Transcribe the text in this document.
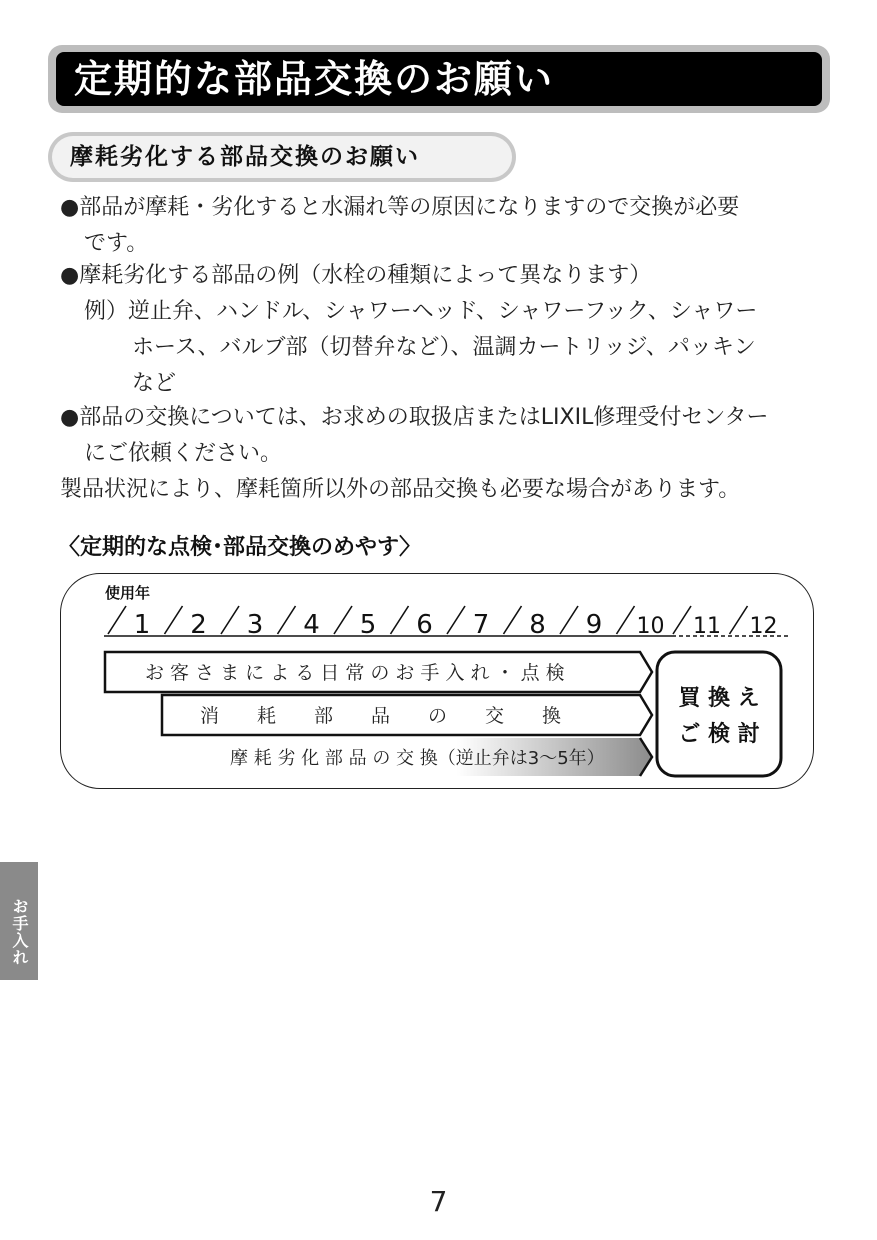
定期的な部品交換のお願い
摩耗劣化する部品交換のお願い

●部品が摩耗・劣化すると水漏れ等の原因になりますので交換が必要

です。

●摩耗劣化する部品の例（水栓の種類によって異なります）

例）逆止弁、ハンドル、シャワーヘッド、シャワーフック、シャワー

ホース、バルブ部（切替弁など）、温調カートリッジ、パッキン

など

●部品の交換については、お求めの取扱店またはLIXIL修理受付センター

にご依頼ください。

製品状況により、摩耗箇所以外の部品交換も必要な場合があります。

〈定期的な点検･部品交換のめやす〉
使用年
1 2 3 4 5 6 7 8 9 10 11 12
お 客 さ ま に よ る 日 常 の お 手 入 れ ・ 点 検
消　　耗　　部　　品　　の　　交　　換
摩 耗 劣 化 部 品 の 交 換（逆止弁は3〜5年）
買 換 え
ご 検 討
お手入れ
7
